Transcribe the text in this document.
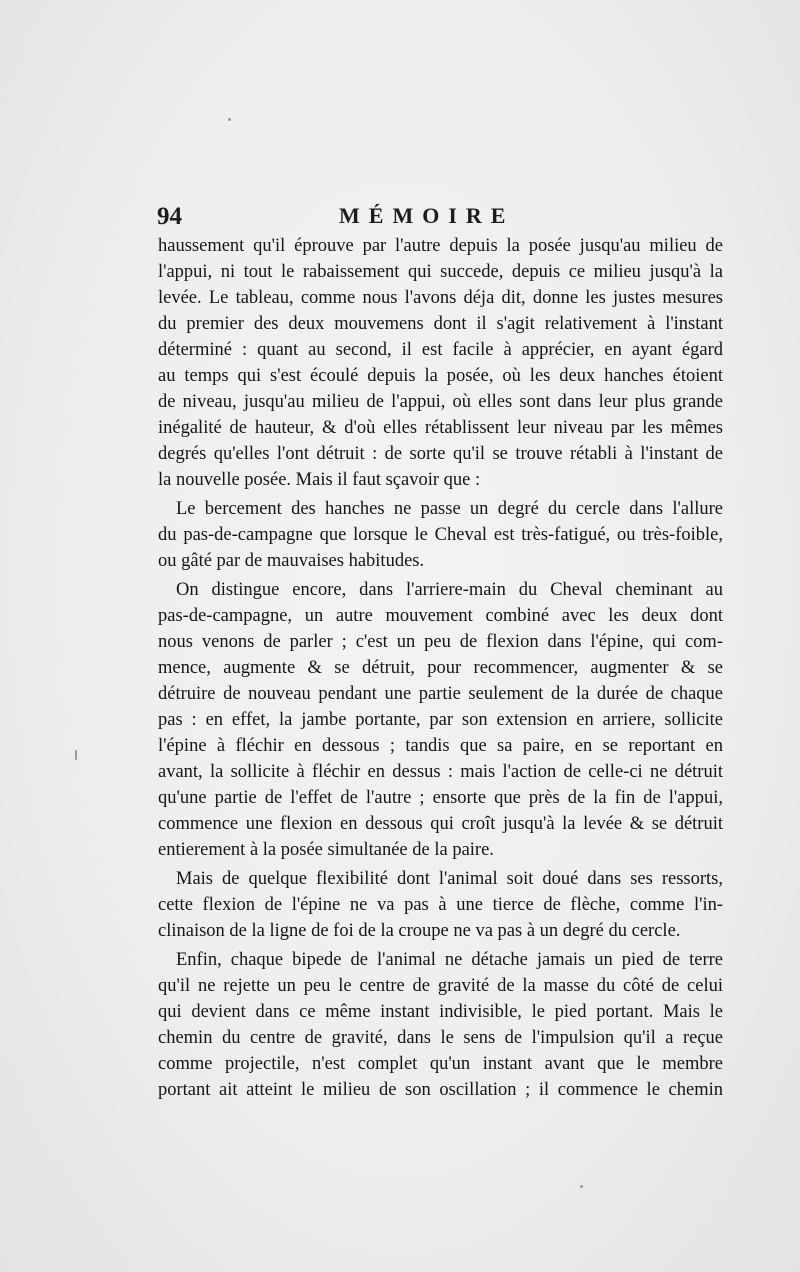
94	MÉMOIRE
haussement qu'il éprouve par l'autre depuis la posée jusqu'au milieu de
l'appui, ni tout le rabaissement qui succede, depuis ce milieu jusqu'à la
levée. Le tableau, comme nous l'avons déja dit, donne les justes mesures
du premier des deux mouvemens dont il s'agit relativement à l'instant
déterminé : quant au second, il est facile à apprécier, en ayant égard
au temps qui s'est écoulé depuis la posée, où les deux hanches étoient
de niveau, jusqu'au milieu de l'appui, où elles sont dans leur plus grande
inégalité de hauteur, & d'où elles rétablissent leur niveau par les mêmes
degrés qu'elles l'ont détruit : de sorte qu'il se trouve rétabli à l'instant de
la nouvelle posée. Mais il faut sçavoir que :
Le bercement des hanches ne passe un degré du cercle dans l'allure
du pas-de-campagne que lorsque le Cheval est très-fatigué, ou très-foible,
ou gâté par de mauvaises habitudes.
On distingue encore, dans l'arriere-main du Cheval cheminant au
pas-de-campagne, un autre mouvement combiné avec les deux dont
nous venons de parler ; c'est un peu de flexion dans l'épine, qui com-
mence, augmente & se détruit, pour recommencer, augmenter & se
détruire de nouveau pendant une partie seulement de la durée de chaque
pas : en effet, la jambe portante, par son extension en arriere, sollicite
l'épine à fléchir en dessous ; tandis que sa paire, en se reportant en
avant, la sollicite à fléchir en dessus : mais l'action de celle-ci ne détruit
qu'une partie de l'effet de l'autre ; ensorte que près de la fin de l'appui,
commence une flexion en dessous qui croît jusqu'à la levée & se détruit
entierement à la posée simultanée de la paire.
Mais de quelque flexibilité dont l'animal soit doué dans ses ressorts,
cette flexion de l'épine ne va pas à une tierce de flèche, comme l'in-
clinaison de la ligne de foi de la croupe ne va pas à un degré du cercle.
Enfin, chaque bipede de l'animal ne détache jamais un pied de terre
qu'il ne rejette un peu le centre de gravité de la masse du côté de celui
qui devient dans ce même instant indivisible, le pied portant. Mais le
chemin du centre de gravité, dans le sens de l'impulsion qu'il a reçue
comme projectile, n'est complet qu'un instant avant que le membre
portant ait atteint le milieu de son oscillation ; il commence le chemin
